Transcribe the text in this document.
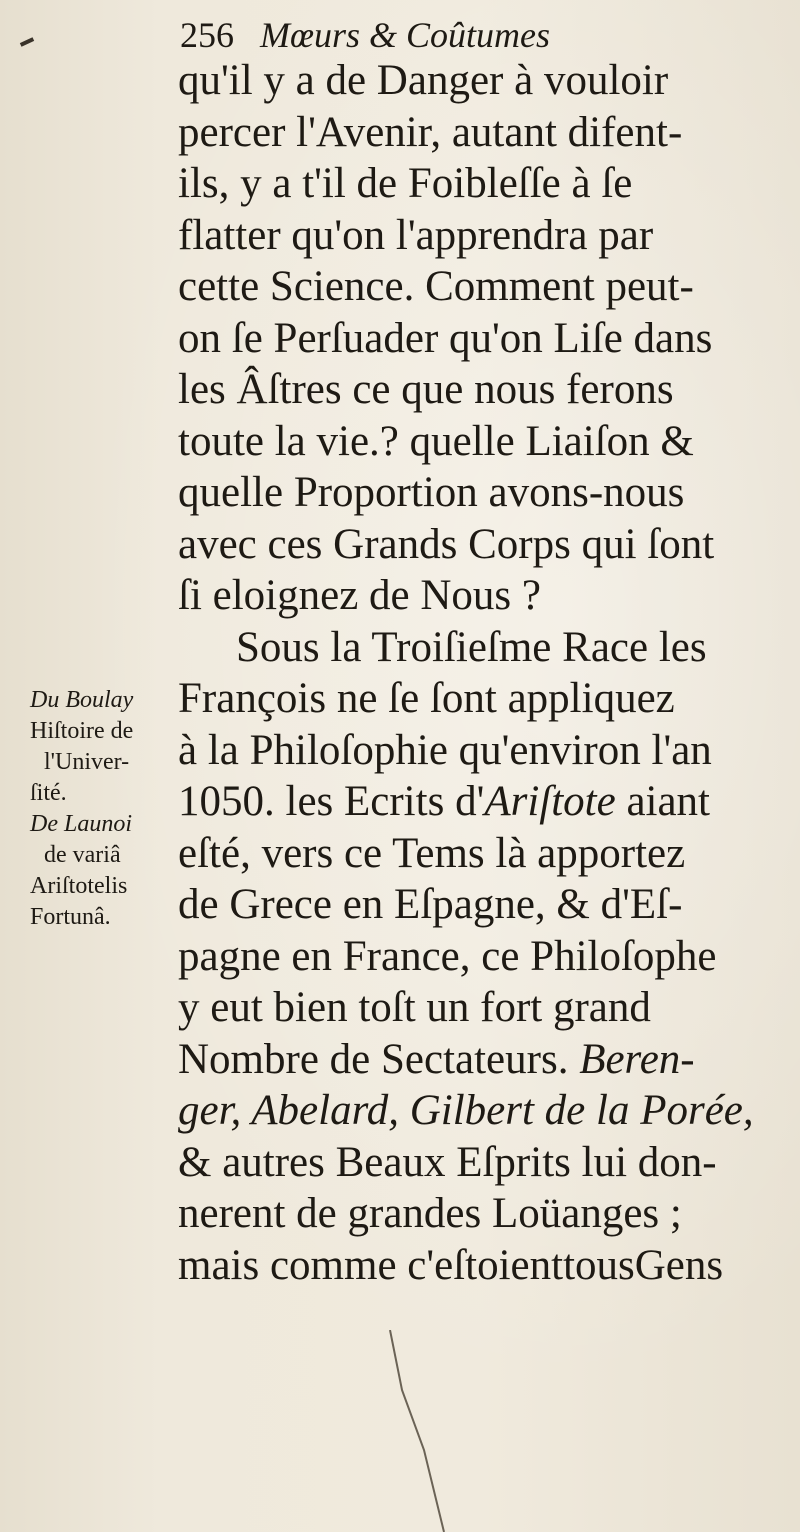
256 Mœurs & Coûtumes
qu'il y a de Danger à vouloir
percer l'Avenir, autant difent-
ils, y a t'il de Foibleſſe à ſe
flatter qu'on l'apprendra par
cette Science. Comment peut-
on ſe Perſuader qu'on Liſe dans
les Âſtres ce que nous ferons
toute la vie.? quelle Liaiſon &
quelle Proportion avons-nous
avec ces Grands Corps qui ſont
ſi eloignez de Nous ?
Sous la Troiſieſme Race les
François ne ſe ſont appliquez
à la Philoſophie qu'environ l'an
1050. les Ecrits d'Ariſtote aiant
eſté, vers ce Tems là apportez
de Grece en Eſpagne, & d'Eſ-
pagne en France, ce Philoſophe
y eut bien toſt un fort grand
Nombre de Sectateurs. Beren-
ger, Abelard, Gilbert de la Porée,
& autres Beaux Eſprits lui don-
nerent de grandes Loüanges ;
mais comme c'eſtoienttousGens
Du Boulay
Hiſtoire de
l'Univer-
ſité.
De Launoi
de variâ
Ariſtotelis
Fortunâ.
